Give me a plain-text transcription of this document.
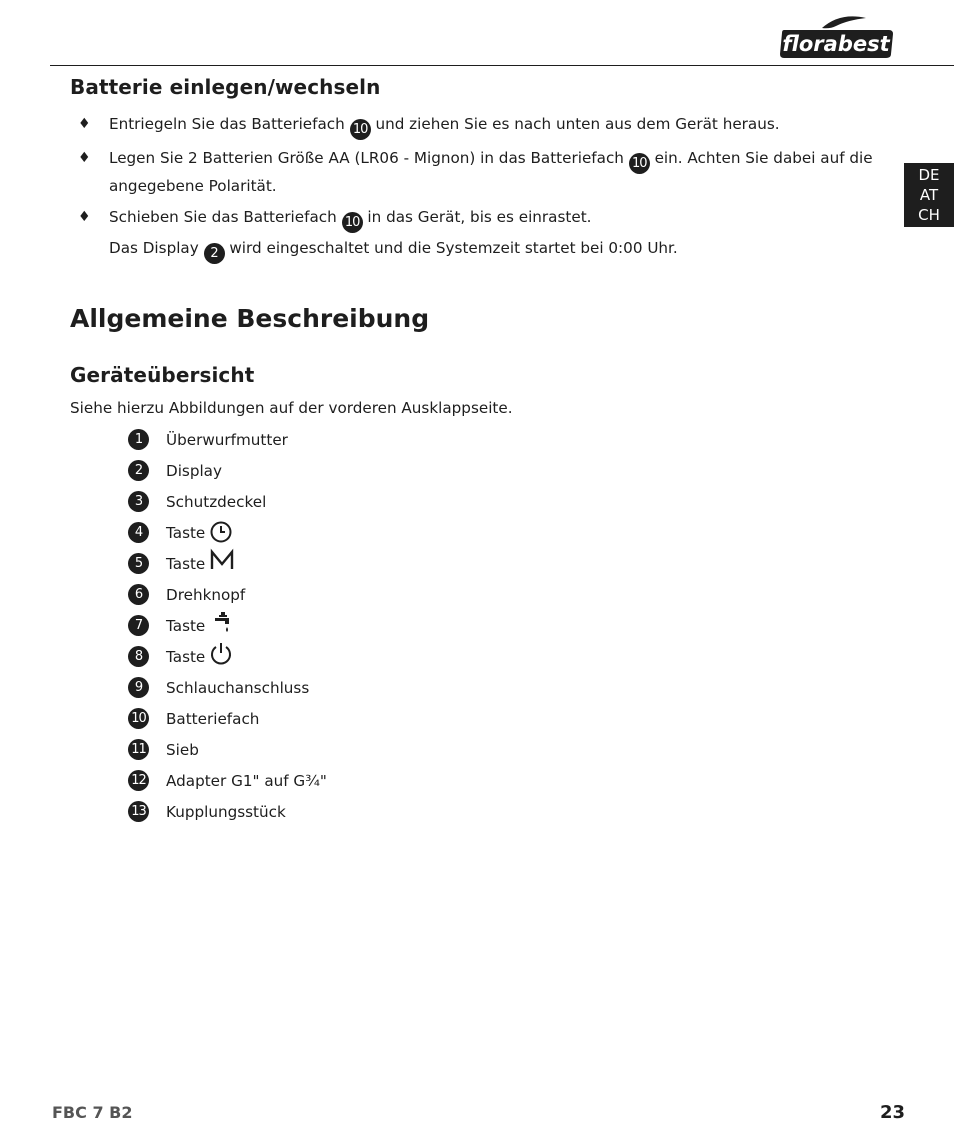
florabest
DE
AT
CH
Batterie einlegen/wechseln
♦ Entriegeln Sie das Batteriefach 10 und ziehen Sie es nach unten aus dem Gerät heraus.

♦ Legen Sie 2 Batterien Größe AA (LR06 - Mignon) in das Batteriefach 10 ein. Achten Sie dabei auf die
angegebene Polarität.

♦ Schieben Sie das Batteriefach 10 in das Gerät, bis es einrastet.

Das Display 2 wird eingeschaltet und die Systemzeit startet bei 0:00 Uhr.

Allgemeine Beschreibung
Geräteübersicht

Siehe hierzu Abbildungen auf der vorderen Ausklappseite.

1	Überwurfmutter
2	Display
3	Schutzdeckel
4	Taste
5	Taste
6	Drehknopf
7	Taste
8	Taste
9	Schlauchanschluss
10 Batteriefach
11 Sieb
12 Adapter G1" auf G¾"
13 Kupplungsstück
FBC 7 B2	23
